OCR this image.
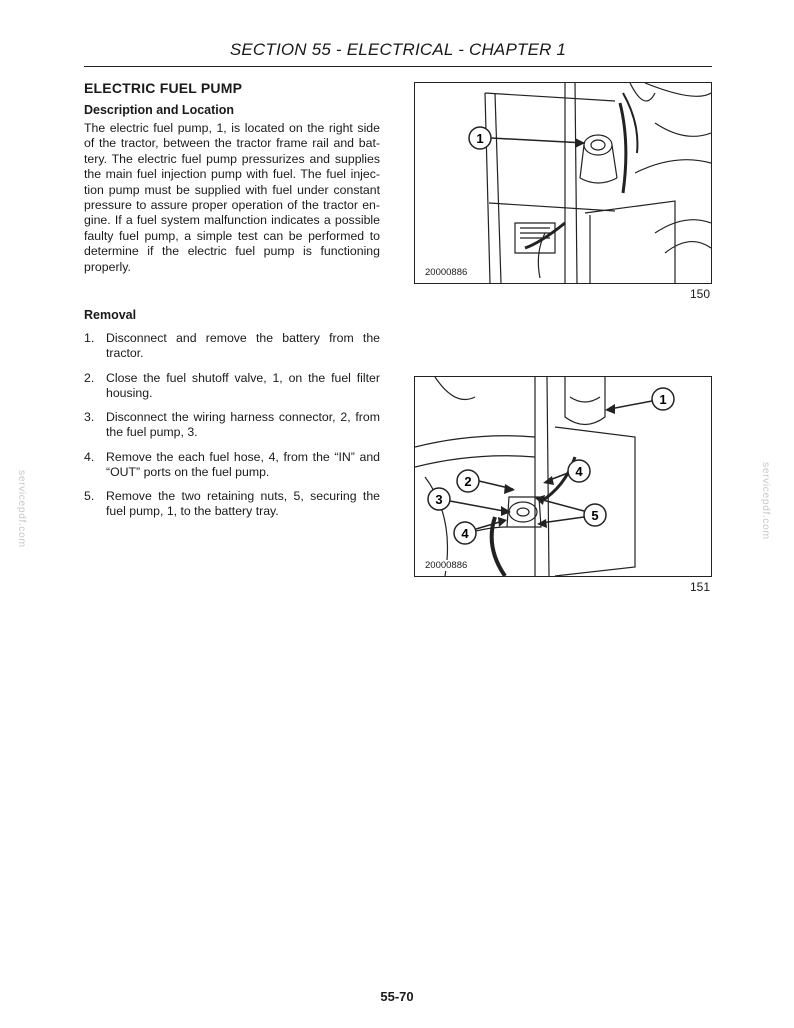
SECTION 55 - ELECTRICAL - CHAPTER 1
ELECTRIC FUEL PUMP
Description and Location

The electric fuel pump, 1, is located on the right side of the tractor, between the tractor frame rail and bat-tery. The electric fuel pump pressurizes and supplies the main fuel injection pump with fuel. The fuel injec-tion pump must be supplied with fuel under constant pressure to assure proper operation of the tractor en-gine. If a fuel system malfunction indicates a possible faulty fuel pump, a simple test can be performed to determine if the electric fuel pump is functioning properly.

Removal
1. Disconnect and remove the battery from the tractor.
2. Close the fuel shutoff valve, 1, on the fuel filter housing.
3. Disconnect the wiring harness connector, 2, from the fuel pump, 3.
4. Remove the each fuel hose, 4, from the “IN” and “OUT” ports on the fuel pump.
5. Remove the two retaining nuts, 5, securing the fuel pump, 1, to the battery tray.
1
20000886
150
1
2
3
4
4
5
20000886
151
servicepdf.com	servicepdf.com
55-70
